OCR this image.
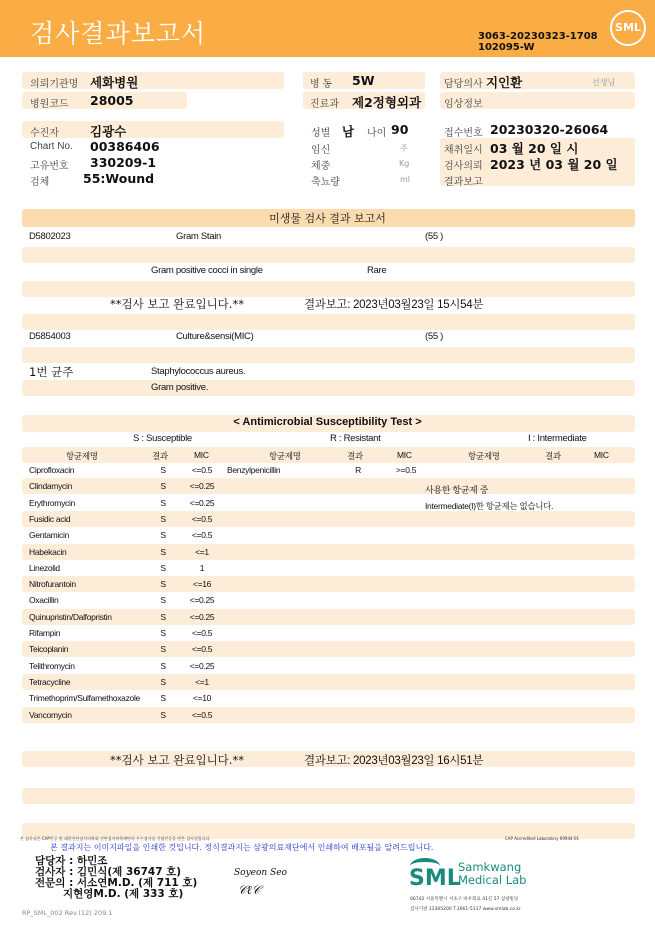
검사결과보고서	SML
3063-20230323-1708
102095-W
의뢰기관명 세화병원
병원코드 28005
병 동 5W
진료과 제2정형외과
담당의사 지인환	선생님
임상정보
수진자 김광수
Chart No. 00386406
고유번호 330209-1
검체	55:Wound
성별 남 나이 90
임신	주
체중	Kg
축뇨량	ml
접수번호 20230320-26064
채취일시 03 월 20 일 시
검사의뢰 2023 년 03 월 20 일
결과보고
미생물 검사 결과 보고서
D5802023	Gram Stain	(55 )
Gram positive cocci in single	Rare
**검사 보고 완료입니다.**	결과보고: 2023년03월23일 15시54분
D5854003	Culture&sensi(MIC)	(55 )
1번 균주	Staphylococcus aureus.
Gram positive.
< Antimicrobial Susceptibility Test >
S : Susceptible	R : Resistant	I : Intermediate
항균제명	결과	MIC	항균제명	결과	MIC	항균제명	결과	MIC
Ciprofloxacin	S	<=0.5	Benzylpenicillin	R	>=0.5
Clindamycin	S	<=0.25
Erythromycin	S	<=0.25
Fusidic acid	S	<=0.5
Gentamicin	S	<=0.5
Habekacin	S	<=1
Linezolid	S	1
Nitrofurantoin	S	<=16
Oxacillin	S	<=0.25
Quinupristin/Dalfopristin	S	<=0.25
Rifampin	S	<=0.5
Teicoplanin	S	<=0.5
Telithromycin	S	<=0.25
Tetracycline	S	<=1
Trimethoprim/Sulfamethoxazole	S	<=10
Vancomycin	S	<=0.5
사용한 항균제 중
Intermediate(I)한 항균제는 없습니다.
**검사 보고 완료입니다.**	결과보고: 2023년03월23일 16시51분
본 검사실은 CAP인증 및 대한진단검사의학회 진단검사의학재단의 우수검사실 신임인증을 받은 검사실입니다.	CAP Accredited Laboratory 69944-01
본 결과지는 이미지파일을 인쇄한 것입니다. 정식결과지는 삼광의료재단에서 인쇄하여 배포됨을 알려드립니다.
담당자 : 하민조
검사자 : 김민식(제 36747 호)
전문의 : 서소연M.D. (제 711 호)
지현영M.D. (제 333 호)
Soyeon Seo
𝒞ℓ𝒞	SML
Samkwang
Medical Lab
06742 서울특별시 서초구 바우뫼로 41길 57 삼광빌딩
검사기관 11365200 T.1661-5117 www.smlab.co.kr
RP_SML_002 Rev.(12) 209.1
